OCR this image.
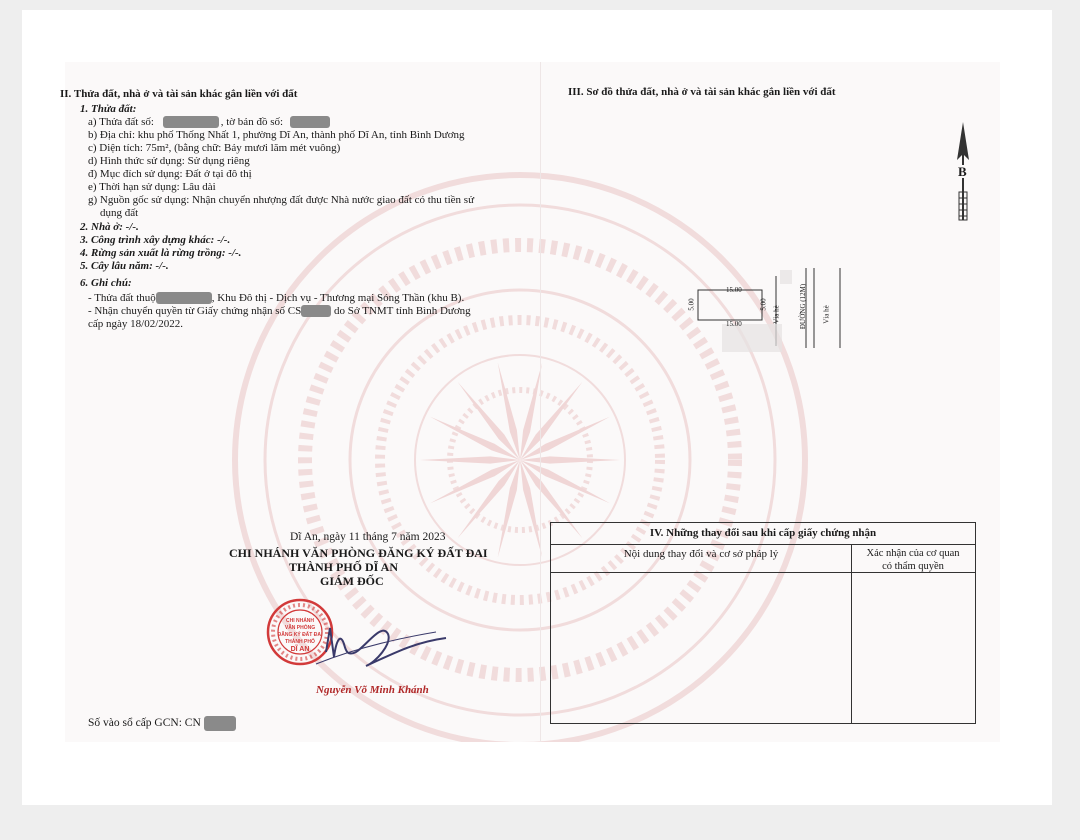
II. Thửa đất, nhà ở và tài sản khác gắn liền với đất
1. Thửa đất:
a) Thửa đất số:	, tờ bản đồ số:
b) Địa chỉ: khu phố Thống Nhất 1, phường Dĩ An, thành phố Dĩ An, tỉnh Bình Dương
c) Diện tích: 75m², (bằng chữ: Bảy mươi lăm mét vuông)
d) Hình thức sử dụng: Sử dụng riêng
đ) Mục đích sử dụng: Đất ở tại đô thị
e) Thời hạn sử dụng: Lâu dài
g) Nguồn gốc sử dụng: Nhận chuyển nhượng đất được Nhà nước giao đất có thu tiền sử
dụng đất
2. Nhà ở: -/-.
3. Công trình xây dựng khác: -/-.
4. Rừng sản xuất là rừng trồng: -/-.
5. Cây lâu năm: -/-.
6. Ghi chú:
- Thửa đất thuộ	, Khu Đô thị - Dịch vụ - Thương mại Sóng Thần (khu B).
- Nhận chuyển quyền từ Giấy chứng nhận số CS	do Sở TNMT tỉnh Bình Dương
cấp ngày 18/02/2022.
Dĩ An, ngày 11 tháng 7 năm 2023
CHI NHÁNH VĂN PHÒNG ĐĂNG KÝ ĐẤT ĐAI
THÀNH PHỐ DĨ AN
GIÁM ĐỐC
CHI NHÁNH
VĂN PHÒNG
ĐĂNG KÝ ĐẤT ĐAI
THÀNH PHỐ
DĨ AN
Nguyễn Võ Minh Khánh
Số vào sổ cấp GCN: CN
III. Sơ đồ thửa đất, nhà ở và tài sản khác gắn liền với đất
B
15.00
15.00
5.00	5.00
Vỉa hè	ĐƯỜNG (12M)	Vỉa hè
IV. Những thay đổi sau khi cấp giấy chứng nhận
Nội dung thay đổi và cơ sở pháp lý	Xác nhận của cơ quan
có thẩm quyền
